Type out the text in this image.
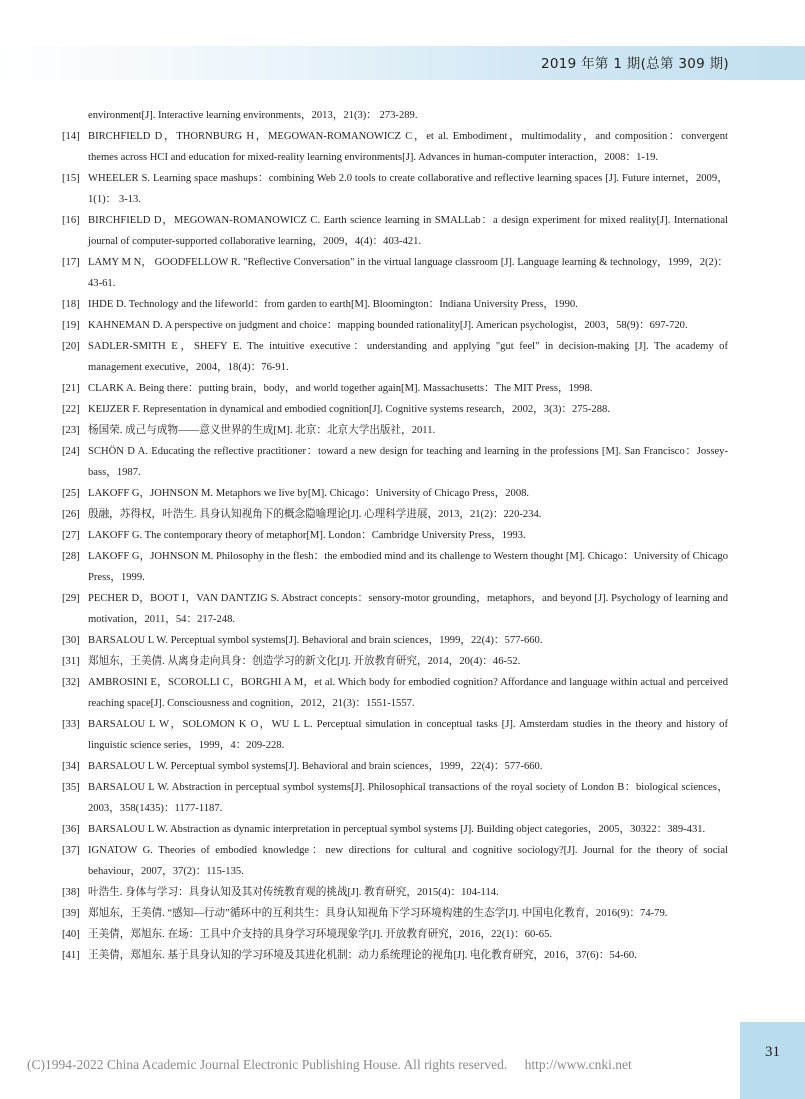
2019 年第 1 期(总第 309 期)
environment[J]. Interactive learning environments，2013，21(3)： 273-289.
[14] BIRCHFIELD D，THORNBURG H，MEGOWAN-ROMANOWICZ C，et al. Embodiment，multimodality，and composition：convergent themes across HCI and education for mixed-reality learning environments[J]. Advances in human-computer interaction，2008：1-19.
[15] WHEELER S. Learning space mashups：combining Web 2.0 tools to create collaborative and reflective learning spaces [J]. Future internet，2009，1(1)： 3-13.
[16] BIRCHFIELD D，MEGOWAN-ROMANOWICZ C. Earth science learning in SMALLab：a design experiment for mixed reality[J]. International journal of computer-supported collaborative learning，2009，4(4)：403-421.
[17] LAMY M N， GOODFELLOW R. "Reflective Conversation" in the virtual language classroom [J]. Language learning & technology，1999，2(2)：43-61.
[18] IHDE D. Technology and the lifeworld：from garden to earth[M]. Bloomington：Indiana University Press，1990.
[19] KAHNEMAN D. A perspective on judgment and choice：mapping bounded rationality[J]. American psychologist，2003，58(9)：697-720.
[20] SADLER-SMITH E，SHEFY E. The intuitive executive：understanding and applying "gut feel" in decision-making [J]. The academy of management executive，2004，18(4)：76-91.
[21] CLARK A. Being there：putting brain，body，and world together again[M]. Massachusetts：The MIT Press，1998.
[22] KEIJZER F. Representation in dynamical and embodied cognition[J]. Cognitive systems research，2002，3(3)：275-288.
[23] 杨国荣. 成己与成物——意义世界的生成[M]. 北京：北京大学出版社，2011.
[24] SCHÖN D A. Educating the reflective practitioner：toward a new design for teaching and learning in the professions [M]. San Francisco：Jossey-bass，1987.
[25] LAKOFF G，JOHNSON M. Metaphors we live by[M]. Chicago：University of Chicago Press，2008.
[26] 殷融，苏得权，叶浩生. 具身认知视角下的概念隐喻理论[J]. 心理科学进展，2013，21(2)：220-234.
[27] LAKOFF G. The contemporary theory of metaphor[M]. London：Cambridge University Press，1993.
[28] LAKOFF G，JOHNSON M. Philosophy in the flesh：the embodied mind and its challenge to Western thought [M]. Chicago：University of Chicago Press，1999.
[29] PECHER D，BOOT I，VAN DANTZIG S. Abstract concepts：sensory-motor grounding，metaphors，and beyond [J]. Psychology of learning and motivation，2011，54：217-248.
[30] BARSALOU L W. Perceptual symbol systems[J]. Behavioral and brain sciences，1999，22(4)：577-660.
[31] 郑旭东，王美倩. 从离身走向具身：创造学习的新文化[J]. 开放教育研究，2014，20(4)：46-52.
[32] AMBROSINI E，SCOROLLI C，BORGHI A M，et al. Which body for embodied cognition? Affordance and language within actual and perceived reaching space[J]. Consciousness and cognition，2012，21(3)：1551-1557.
[33] BARSALOU L W，SOLOMON K O，WU L L. Perceptual simulation in conceptual tasks [J]. Amsterdam studies in the theory and history of linguistic science series，1999，4：209-228.
[34] BARSALOU L W. Perceptual symbol systems[J]. Behavioral and brain sciences，1999，22(4)：577-660.
[35] BARSALOU L W. Abstraction in perceptual symbol systems[J]. Philosophical transactions of the royal society of London B：biological sciences，2003，358(1435)：1177-1187.
[36] BARSALOU L W. Abstraction as dynamic interpretation in perceptual symbol systems [J]. Building object categories，2005，30322：389-431.
[37] IGNATOW G. Theories of embodied knowledge：new directions for cultural and cognitive sociology?[J]. Journal for the theory of social behaviour，2007，37(2)：115-135.
[38] 叶浩生. 身体与学习：具身认知及其对传统教育观的挑战[J]. 教育研究，2015(4)：104-114.
[39] 郑旭东，王美倩. “感知—行动”循环中的互利共生：具身认知视角下学习环境构建的生态学[J]. 中国电化教育，2016(9)：74-79.
[40] 王美倩，郑旭东. 在场：工具中介支持的具身学习环境现象学[J]. 开放教育研究，2016，22(1)：60-65.
[41] 王美倩，郑旭东. 基于具身认知的学习环境及其进化机制：动力系统理论的视角[J]. 电化教育研究，2016，37(6)：54-60.
31
(C)1994-2022 China Academic Journal Electronic Publishing House. All rights reserved. http://www.cnki.net
